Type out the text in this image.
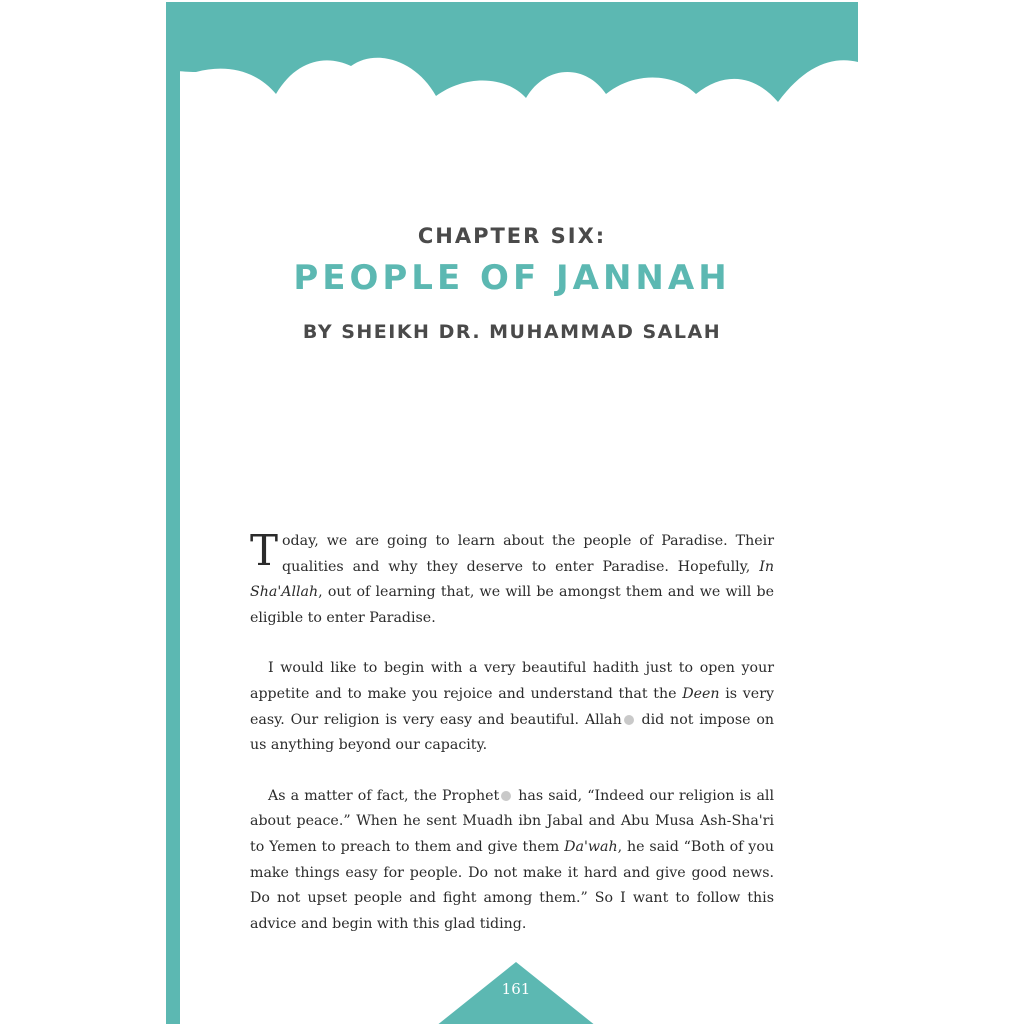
CHAPTER SIX:
PEOPLE OF JANNAH
BY SHEIKH DR. MUHAMMAD SALAH

Today, we are going to learn about the people of Paradise. Their qualities and why they deserve to enter Paradise. Hopefully, In Sha'Allah, out of learning that, we will be amongst them and we will be eligible to enter Paradise.

I would like to begin with a very beautiful hadith just to open your appetite and to make you rejoice and understand that the Deen is very easy. Our religion is very easy and beautiful. Allah did not impose on us anything beyond our capacity.

As a matter of fact, the Prophet has said, “Indeed our religion is all about peace.” When he sent Muadh ibn Jabal and Abu Musa Ash-Sha'ri to Yemen to preach to them and give them Da'wah, he said “Both of you make things easy for people. Do not make it hard and give good news. Do not upset people and fight among them.” So I want to follow this advice and begin with this glad tiding.

161
